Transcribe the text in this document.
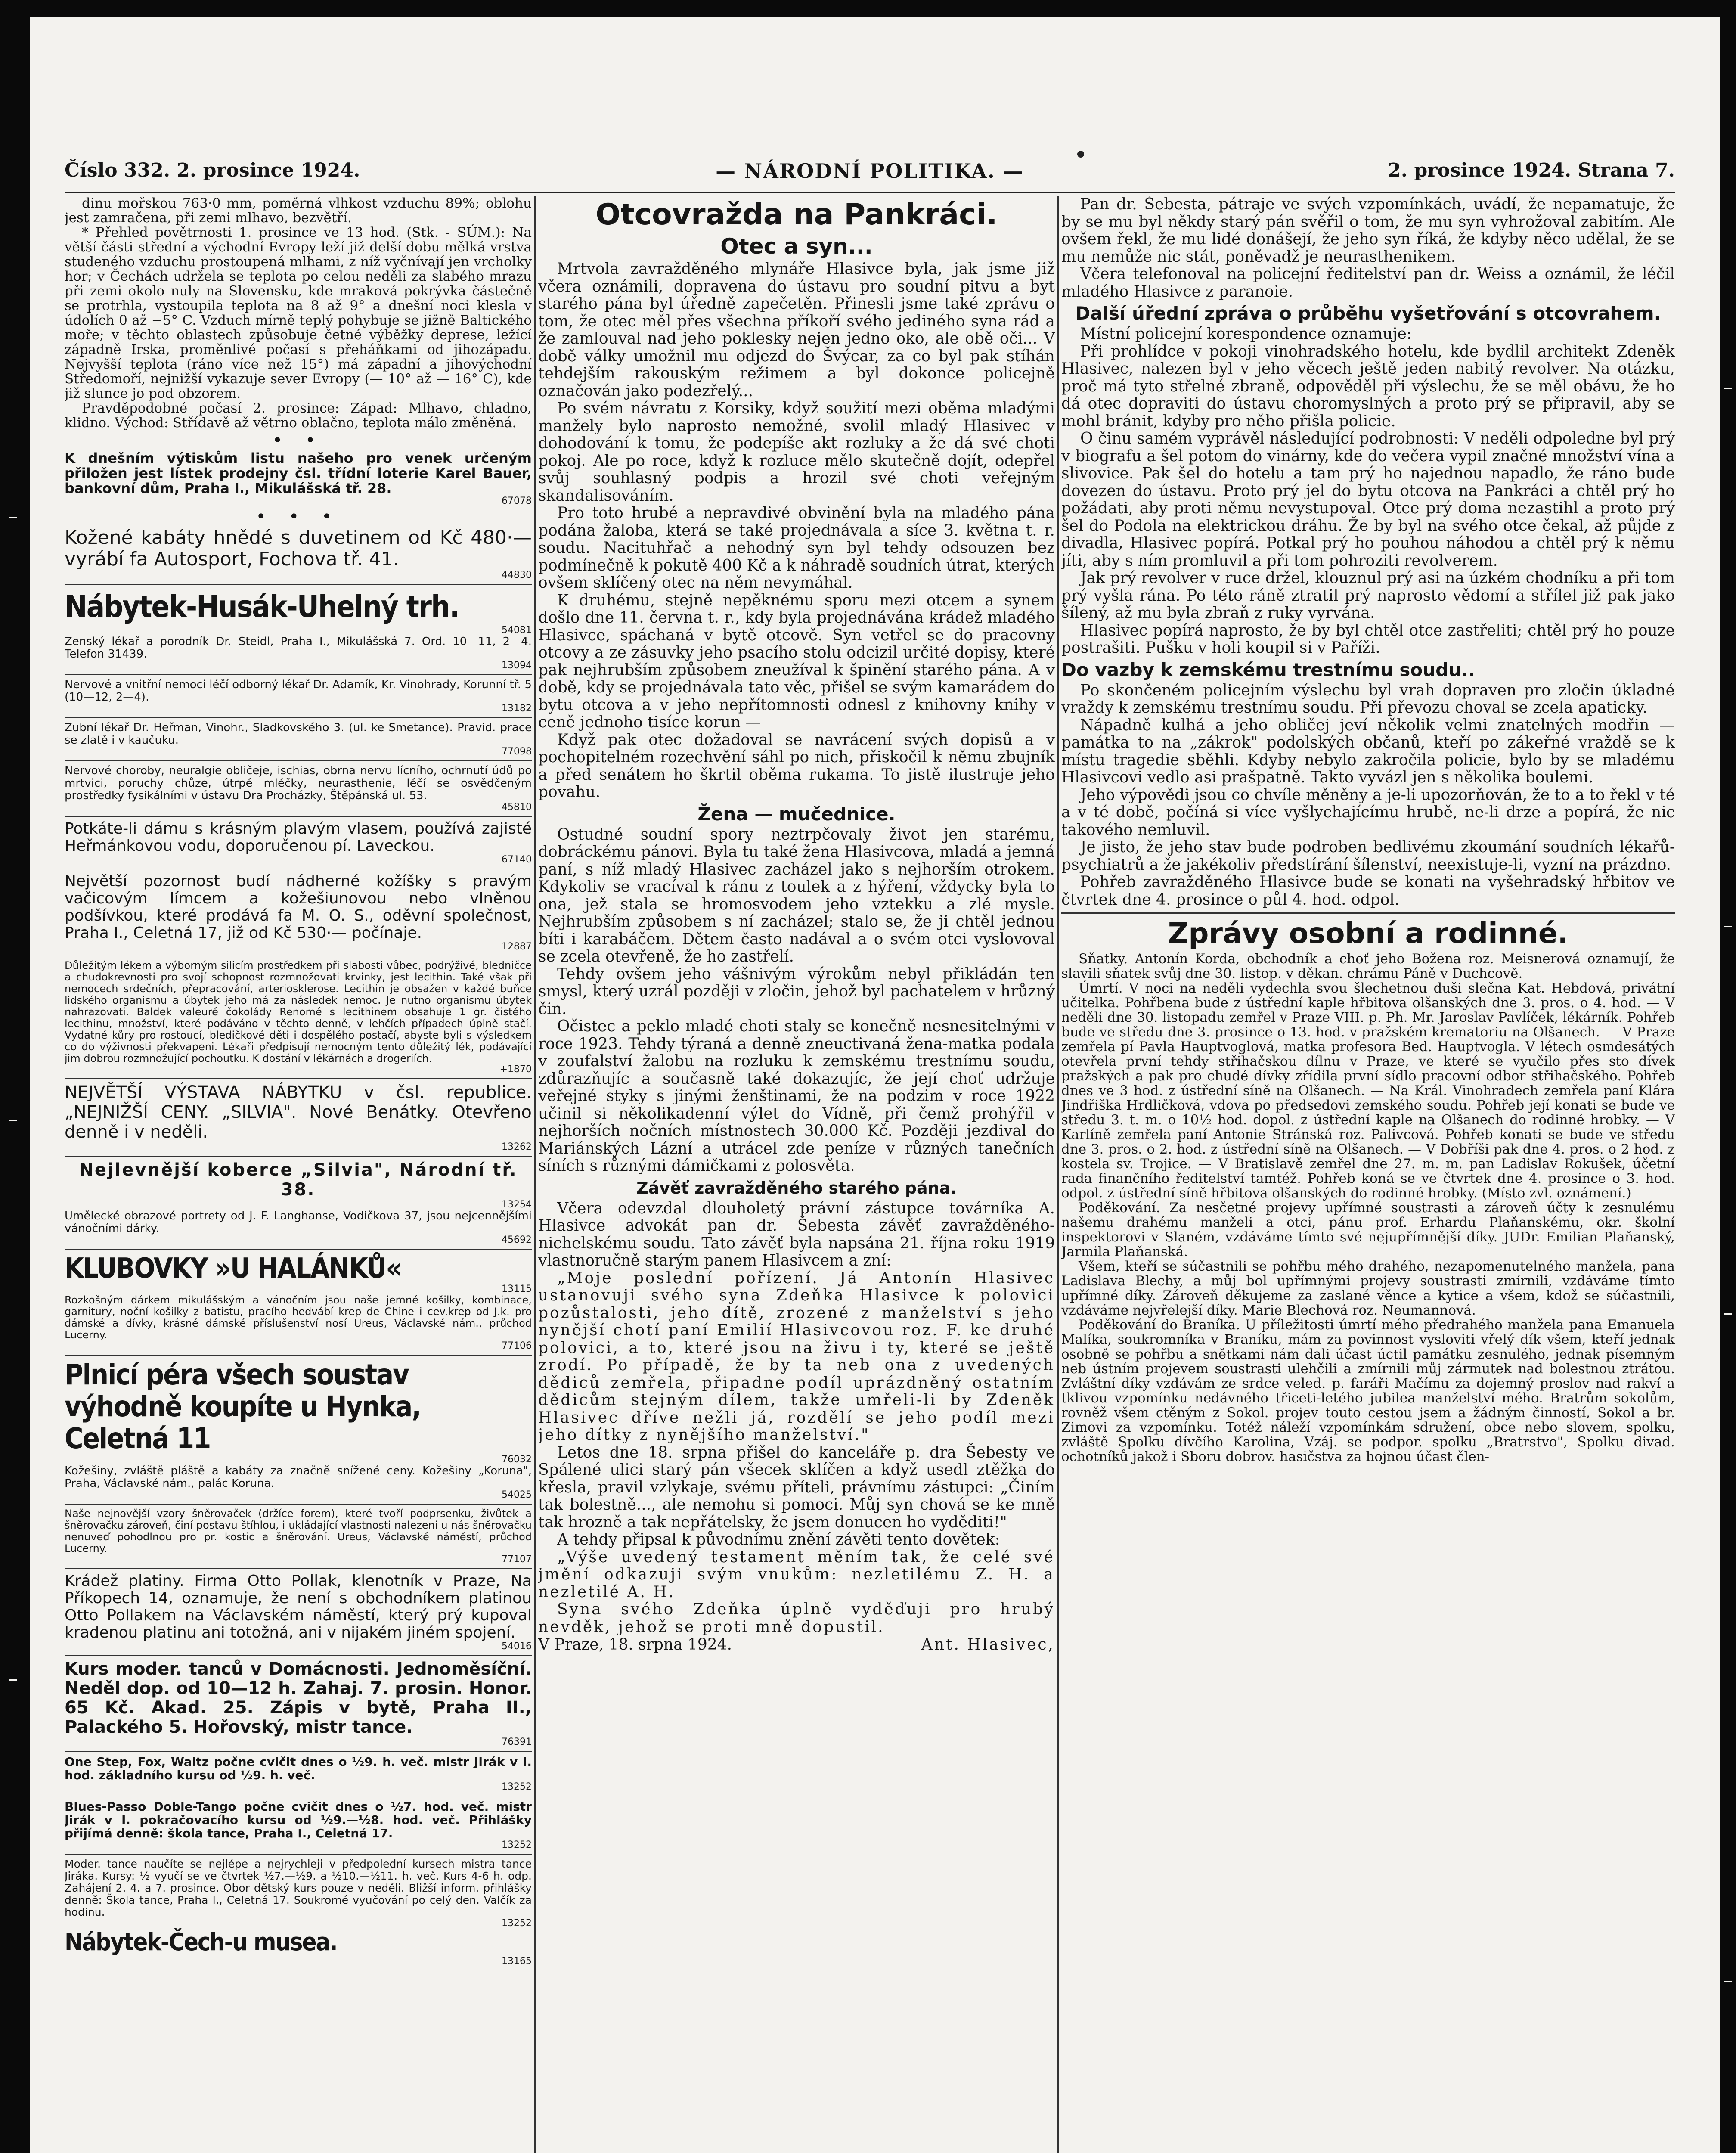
— NÁRODNÍ POLITIKA. —
Číslo 332. 2. prosince 1924.	2. prosince 1924. Strana 7.

dinu mořskou 763·0 mm, poměrná vlhkost vzduchu 89%; oblohu jest zamračena, při zemi mlhavo, bezvětří.

* Přehled povětrnosti 1. prosince ve 13 hod. (Stk. - SÚM.): Na větší části střední a východní Evropy leží již delší dobu mělká vrstva studeného vzduchu prostoupená mlhami, z níž vyčnívají jen vrcholky hor; v Čechách udržela se teplota po celou neděli za slabého mrazu při zemi okolo nuly na Slovensku, kde mraková pokrývka částečně se protrhla, vystoupila teplota na 8 až 9° a dnešní noci klesla v údolích 0 až −5° C. Vzduch mírně teplý pohybuje se jižně Baltického moře; v těchto oblastech způsobuje četné výběžky deprese, ležící západně Irska, proměnlivé počasí s přeháňkami od jihozápadu. Nejvyšší teplota (ráno více než 15°) má západní a jihovýchodní Středomoří, nejnižší vykazuje sever Evropy (— 10° až — 16° C), kde již slunce jo pod obzorem.

Pravděpodobné počasí 2. prosince: Západ: Mlhavo, chladno, klidno. Východ: Střídavě až větrno oblačno, teplota málo změněná.

• •

K dnešním výtiskům listu našeho pro venek určeným přiložen jest lístek prodejny čsl. třídní loterie Karel Bauer, bankovní dům, Praha I., Mikulášská tř. 28.

67078

• • •

Kožené kabáty hnědé s duvetinem od Kč 480·— vyrábí fa Autosport, Fochova tř. 41.

44830

Nábytek-Husák-Uhelný trh.

54081

Zenský lékař a porodník Dr. Steidl, Praha I., Mikulášská 7. Ord. 10—11, 2—4. Telefon 31439.

13094

Nervové a vnitřní nemoci léčí odborný lékař Dr. Adamík, Kr. Vinohrady, Korunní tř. 5 (10—12, 2—4).

13182

Zubní lékař Dr. Heřman, Vinohr., Sladkovského 3. (ul. ke Smetance). Pravid. prace se zlatě i v kaučuku.

77098

Nervové choroby, neuralgie obličeje, ischias, obrna nervu lícního, ochrnutí údů po mrtvici, poruchy chůze, útrpé mléčky, neurasthenie, léčí se osvědčeným prostředky fysikálními v ústavu Dra Procházky, Štěpánská ul. 53.

45810

Potkáte-li dámu s krásným plavým vlasem, používá zajisté Heřmánkovou vodu, doporučenou pí. Laveckou.

67140

Největší pozornost budí nádherné kožíšky s pravým vačicovým límcem a kožešiunovou nebo vlněnou podšívkou, které prodává fa M. O. S., oděvní společnost, Praha I., Celetná 17, již od Kč 530·— počínaje.

12887

Důležitým lékem a výborným silicím prostředkem při slabosti vůbec, podrýživé, bledničce a chudokrevnosti pro svojí schopnost rozmnožovati krvinky, jest lecithin. Také však při nemocech srdečních, přepracování, arteriosklerose. Lecithin je obsažen v každé buňce lidského organismu a úbytek jeho má za následek nemoc. Je nutno organismu úbytek nahrazovati. Baldek valeuré čokolády Renomé s lecithinem obsahuje 1 gr. čistého lecithinu, množství, které podáváno v těchto denně, v lehčích případech úplně stačí. Vydatné kůry pro rostoucí, bledičkové děti i dospělého postačí, abyste byli s výsledkem co do výživnosti překvapeni. Lékaři předpisují nemocným tento důležitý lék, podávající jim dobrou rozmnožující pochoutku. K dostání v lékárnách a drogeriích.

+1870

NEJVĚTŠÍ VÝSTAVA NÁBYTKU v čsl. republice. „NEJNIŽŠÍ CENY. „SILVIA". Nové Benátky. Otevřeno denně i v neděli.

13262

Nejlevnější koberce „Silvia", Národní tř. 38.

13254

Umělecké obrazové portrety od J. F. Langhanse, Vodičkova 37, jsou nejcennějšími vánočními dárky.

45692

KLUBOVKY »U HALÁNKŮ«

13115

Rozkošným dárkem mikulášským a vánočním jsou naše jemné košilky, kombinace, garnitury, noční košilky z batistu, pracího hedvábí krep de Chine i cev.krep od J.k. pro dámské a dívky, krásné dámské příslušenství nosí Ureus, Václavské nám., průchod Lucerny.

77106

Plnicí péra všech soustav výhodně koupíte u Hynka, Celetná 11

76032

Kožešiny, zvláště pláště a kabáty za značně snížené ceny. Kožešiny „Koruna", Praha, Václavské nám., palác Koruna.

54025

Naše nejnovější vzory šněrovaček (držíce forem), které tvoří podprsenku, živůtek a šněrovačku zároveň, činí postavu štíhlou, i ukládající vlastnosti nalezeni u nás šněrovačku nenuveď pohodlnou pro pr. kostic a šněrování. Ureus, Václavské náměstí, průchod Lucerny.

77107

Krádež platiny. Firma Otto Pollak, klenotník v Praze, Na Příkopech 14, oznamuje, že není s obchodníkem platinou Otto Pollakem na Václavském náměstí, který prý kupoval kradenou platinu ani totožná, ani v nijakém jiném spojení.

54016

Kurs moder. tanců v Domácnosti. Jednoměsíční. Neděl dop. od 10—12 h. Zahaj. 7. prosin. Honor. 65 Kč. Akad. 25. Zápis v bytě, Praha II., Palackého 5. Hořovský, mistr tance.

76391

One Step, Fox, Waltz počne cvičit dnes o ½9. h. več. mistr Jirák v I. hod. základního kursu od ½9. h. več.

13252

Blues-Passo Doble-Tango počne cvičit dnes o ½7. hod. več. mistr Jirák v I. pokračovacího kursu od ½9.—½8. hod. več. Přihlášky přijímá denně: škola tance, Praha I., Celetná 17.

13252

Moder. tance naučíte se nejlépe a nejrychleji v předpolední kursech mistra tance Jiráka. Kursy: ½ vyučí se ve čtvrtek ½7.—½9. a ½10.—½11. h. več. Kurs 4-6 h. odp. Zahájení 2. 4. a 7. prosince. Obor dětský kurs pouze v neděli. Bližší inform. přihlášky denně: Škola tance, Praha I., Celetná 17. Soukromé vyučování po celý den. Valčík za hodinu.

13252

Nábytek-Čech-u musea.

13165

Otcovražda na Pankráci.
Otec a syn...

Mrtvola zavražděného mlynáře Hlasivce byla, jak jsme již včera oznámili, dopravena do ústavu pro soudní pitvu a byt starého pána byl úředně zapečetěn. Přinesli jsme také zprávu o tom, že otec měl přes všechna příkoří svého jediného syna rád a že zamlouval nad jeho poklesky nejen jedno oko, ale obě oči... V době války umožnil mu odjezd do Švýcar, za co byl pak stíhán tehdejším rakouským režimem a byl dokonce policejně označován jako podezřelý...

Po svém návratu z Korsiky, když soužití mezi oběma mladými manžely bylo naprosto nemožné, svolil mladý Hlasivec v dohodování k tomu, že podepíše akt rozluky a že dá své choti pokoj. Ale po roce, když k rozluce mělo skutečně dojít, odepřel svůj souhlasný podpis a hrozil své choti veřejným skandalisováním.

Pro toto hrubé a nepravdivé obvinění byla na mladého pána podána žaloba, která se také projednávala a síce 3. května t. r. soudu. Nacituhřač a nehodný syn byl tehdy odsouzen bez podmínečně k pokutě 400 Kč a k náhradě soudních útrat, kterých ovšem sklíčený otec na něm nevymáhal.

K druhému, stejně nepěknému sporu mezi otcem a synem došlo dne 11. června t. r., kdy byla projednávána krádež mladého Hlasivce, spáchaná v bytě otcově. Syn vetřel se do pracovny otcovy a ze zásuvky jeho psacího stolu odcizil určité dopisy, které pak nejhrubším způsobem zneužíval k špinění starého pána. A v době, kdy se projednávala tato věc, přišel se svým kamarádem do bytu otcova a v jeho nepřítomnosti odnesl z knihovny knihy v ceně jednoho tisíce korun —

Když pak otec dožadoval se navrácení svých dopisů a v pochopitelném rozechvění sáhl po nich, přiskočil k němu zbujník a před senátem ho škrtil oběma rukama. To jistě ilustruje jeho povahu.

Žena — mučednice.

Ostudné soudní spory neztrpčovaly život jen starému, dobráckému pánovi. Byla tu také žena Hlasivcova, mladá a jemná paní, s níž mladý Hlasivec zacházel jako s nejhorším otrokem. Kdykoliv se vracíval k ránu z toulek a z hýření, vždycky byla to ona, jež stala se hromosvodem jeho vztekku a zlé mysle. Nejhrubším způsobem s ní zacházel; stalo se, že ji chtěl jednou bíti i karabáčem. Dětem často nadával a o svém otci vyslovoval se zcela otevřeně, že ho zastřelí.

Tehdy ovšem jeho vášnivým výrokům nebyl přikládán ten smysl, který uzrál později v zločin, jehož byl pachatelem v hrůzný čin.

Očistec a peklo mladé choti staly se konečně nesnesitelnými v roce 1923. Tehdy týraná a denně zneuctivaná žena-matka podala v zoufalství žalobu na rozluku k zemskému trestnímu soudu, zdůrazňujíc a současně také dokazujíc, že její choť udržuje veřejné styky s jinými ženštinami, že na podzim v roce 1922 učinil si několikadenní výlet do Vídně, při čemž prohýřil v nejhorších nočních místnostech 30.000 Kč. Později jezdival do Mariánských Lázní a utrácel zde peníze v různých tanečních síních s různými dámičkami z polosvěta.

Závěť zavražděného starého pána.

Včera odevzdal dlouholetý právní zástupce továrníka A. Hlasivce advokát pan dr. Šebesta závěť zavražděného-nichelskému soudu. Tato závěť byla napsána 21. října roku 1919 vlastnoručně starým panem Hlasivcem a zní:

„Moje poslední pořízení. Já Antonín Hlasivec ustanovuji svého syna Zdeňka Hlasivce k polovici pozůstalosti, jeho dítě, zrozené z manželství s jeho nynější chotí paní Emilií Hlasivcovou roz. F. ke druhé polovici, a to, které jsou na živu i ty, které se ještě zrodí. Po případě, že by ta neb ona z uvedených dědiců zemřela, připadne podíl uprázdněný ostatním dědicům stejným dílem, takže umřeli-li by Zdeněk Hlasivec dříve nežli já, rozdělí se jeho podíl mezi jeho dítky z nynějšího manželství."

Letos dne 18. srpna přišel do kanceláře p. dra Šebesty ve Spálené ulici starý pán všecek sklíčen a když usedl ztěžka do křesla, pravil vzlykaje, svému příteli, právnímu zástupci: „Činím tak bolestně..., ale nemohu si pomoci. Můj syn chová se ke mně tak hrozně a tak nepřátelsky, že jsem donucen ho vyděditi!"

A tehdy připsal k původnímu znění závěti tento dovětek:

„Výše uvedený testament měním tak, že celé své jmění odkazuji svým vnukům: nezletilému Z. H. a nezletilé A. H.

Syna svého Zdeňka úplně vyděďuji pro hrubý nevděk, jehož se proti mně dopustil.

V Praze, 18. srpna 1924.	Ant. Hlasivec,

Pan dr. Šebesta, pátraje ve svých vzpomínkách, uvádí, že nepamatuje, že by se mu byl někdy starý pán svěřil o tom, že mu syn vyhrožoval zabitím. Ale ovšem řekl, že mu lidé donášejí, že jeho syn říká, že kdyby něco udělal, že se mu nemůže nic stát, poněvadž je neurasthenikem.

Včera telefonoval na policejní ředitelství pan dr. Weiss a oznámil, že léčil mladého Hlasivce z paranoie.

Další úřední zpráva o průběhu vyšetřování s otcovrahem.

Místní policejní korespondence oznamuje:

Při prohlídce v pokoji vinohradského hotelu, kde bydlil architekt Zdeněk Hlasivec, nalezen byl v jeho věcech ještě jeden nabitý revolver. Na otázku, proč má tyto střelné zbraně, odpověděl při výslechu, že se měl obávu, že ho dá otec dopraviti do ústavu choromyslných a proto prý se připravil, aby se mohl bránit, kdyby pro něho přišla policie.

O činu samém vyprávěl následující podrobnosti: V neděli odpoledne byl prý v biografu a šel potom do vinárny, kde do večera vypil značné množství vína a slivovice. Pak šel do hotelu a tam prý ho najednou napadlo, že ráno bude dovezen do ústavu. Proto prý jel do bytu otcova na Pankráci a chtěl prý ho požádati, aby proti němu nevystupoval. Otce prý doma nezastihl a proto prý šel do Podola na elektrickou dráhu. Že by byl na svého otce čekal, až půjde z divadla, Hlasivec popírá. Potkal prý ho pouhou náhodou a chtěl prý k němu jíti, aby s ním promluvil a při tom pohroziti revolverem.

Jak prý revolver v ruce držel, klouznul prý asi na úzkém chodníku a při tom prý vyšla rána. Po této ráně ztratil prý naprosto vědomí a střílel již pak jako šílený, až mu byla zbraň z ruky vyrvána.

Hlasivec popírá naprosto, že by byl chtěl otce zastřeliti; chtěl prý ho pouze postrašiti. Pušku v holi koupil si v Paříži.

Do vazby k zemskému trestnímu soudu..

Po skončeném policejním výslechu byl vrah dopraven pro zločin úkladné vraždy k zemskému trestnímu soudu. Při převozu choval se zcela apaticky.

Nápadně kulhá a jeho obličej jeví několik velmi znatelných modřin — památka to na „zákrok" podolských občanů, kteří po zákeřné vraždě se k místu tragedie sběhli. Kdyby nebylo zakročila policie, bylo by se mladému Hlasivcovi vedlo asi prašpatně. Takto vyvázl jen s několika boulemi.

Jeho výpovědi jsou co chvíle měněny a je-li upozorňován, že to a to řekl v té a v té době, počíná si více vyšlychajícímu hrubě, ne-li drze a popírá, že nic takového nemluvil.

Je jisto, že jeho stav bude podroben bedlivému zkoumání soudních lékařů-psychiatrů a že jakékoliv předstírání šílenství, neexistuje-li, vyzní na prázdno.

Pohřeb zavražděného Hlasivce bude se konati na vyšehradský hřbitov ve čtvrtek dne 4. prosince o půl 4. hod. odpol.

Zprávy osobní a rodinné.

Sňatky. Antonín Korda, obchodník a choť jeho Božena roz. Meisnerová oznamují, že slavili sňatek svůj dne 30. listop. v děkan. chrámu Páně v Duchcově.

Úmrtí. V noci na neděli vydechla svou šlechetnou duši slečna Kat. Hebdová, privátní učitelka. Pohřbena bude z ústřední kaple hřbitova olšanských dne 3. pros. o 4. hod. — V neděli dne 30. listopadu zemřel v Praze VIII. p. Ph. Mr. Jaroslav Pavlíček, lékárník. Pohřeb bude ve středu dne 3. prosince o 13. hod. v pražském krematoriu na Olšanech. — V Praze zemřela pí Pavla Hauptvoglová, matka profesora Bed. Hauptvogla. V létech osmdesátých otevřela první tehdy střihačskou dílnu v Praze, ve které se vyučilo přes sto dívek pražských a pak pro chudé dívky zřídila první sídlo pracovní odbor střihačského. Pohřeb dnes ve 3 hod. z ústřední síně na Olšanech. — Na Král. Vinohradech zemřela paní Klára Jindřiška Hrdličková, vdova po předsedovi zemského soudu. Pohřeb její konati se bude ve středu 3. t. m. o 10½ hod. dopol. z ústřední kaple na Olšanech do rodinné hrobky. — V Karlíně zemřela paní Antonie Stránská roz. Palivcová. Pohřeb konati se bude ve středu dne 3. pros. o 2. hod. z ústřední síně na Olšanech. — V Dobříši pak dne 4. pros. o 2 hod. z kostela sv. Trojice. — V Bratislavě zemřel dne 27. m. m. pan Ladislav Rokušek, účetní rada finančního ředitelství tamtéž. Pohřeb koná se ve čtvrtek dne 4. prosince o 3. hod. odpol. z ústřední síně hřbitova olšanských do rodinné hrobky. (Místo zvl. oznámení.)

Poděkování. Za nesčetné projevy upřímné soustrasti a zároveň účty k zesnulému našemu drahému manželi a otci, pánu prof. Erhardu Plaňanskému, okr. školní inspektorovi v Slaném, vzdáváme tímto své nejupřímnější díky. JUDr. Emilian Plaňanský, Jarmila Plaňanská.

Všem, kteří se súčastnili se pohřbu mého drahého, nezapomenutelného manžela, pana Ladislava Blechy, a můj bol upřímnými projevy soustrasti zmírnili, vzdáváme tímto upřímné díky. Zároveň děkujeme za zaslané věnce a kytice a všem, kdož se súčastnili, vzdáváme nejvřelejší díky. Marie Blechová roz. Neumannová.

Poděkování do Braníka. U příležitosti úmrtí mého předrahého manžela pana Emanuela Malíka, soukromníka v Braníku, mám za povinnost vysloviti vřelý dík všem, kteří jednak osobně se pohřbu a snětkami nám dali účast úctil památku zesnulého, jednak písemným neb ústním projevem soustrasti ulehčili a zmírnili můj zármutek nad bolestnou ztrátou. Zvláštní díky vzdávám ze srdce veled. p. faráři Mačímu za dojemný proslov nad rakví a tklivou vzpomínku nedávného třiceti-letého jubilea manželství mého. Bratrům sokolům, rovněž všem ctěným z Sokol. projev touto cestou jsem a žádným činností, Sokol a br. Zimovi za vzpomínku. Totéž náleží vzpomínkám sdružení, obce nebo slovem, spolku, zvláště Spolku dívčího Karolina, Vzáj. se podpor. spolku „Bratrstvo", Spolku divad. ochotníků jakož i Sboru dobrov. hasičstva za hojnou účast člen-
